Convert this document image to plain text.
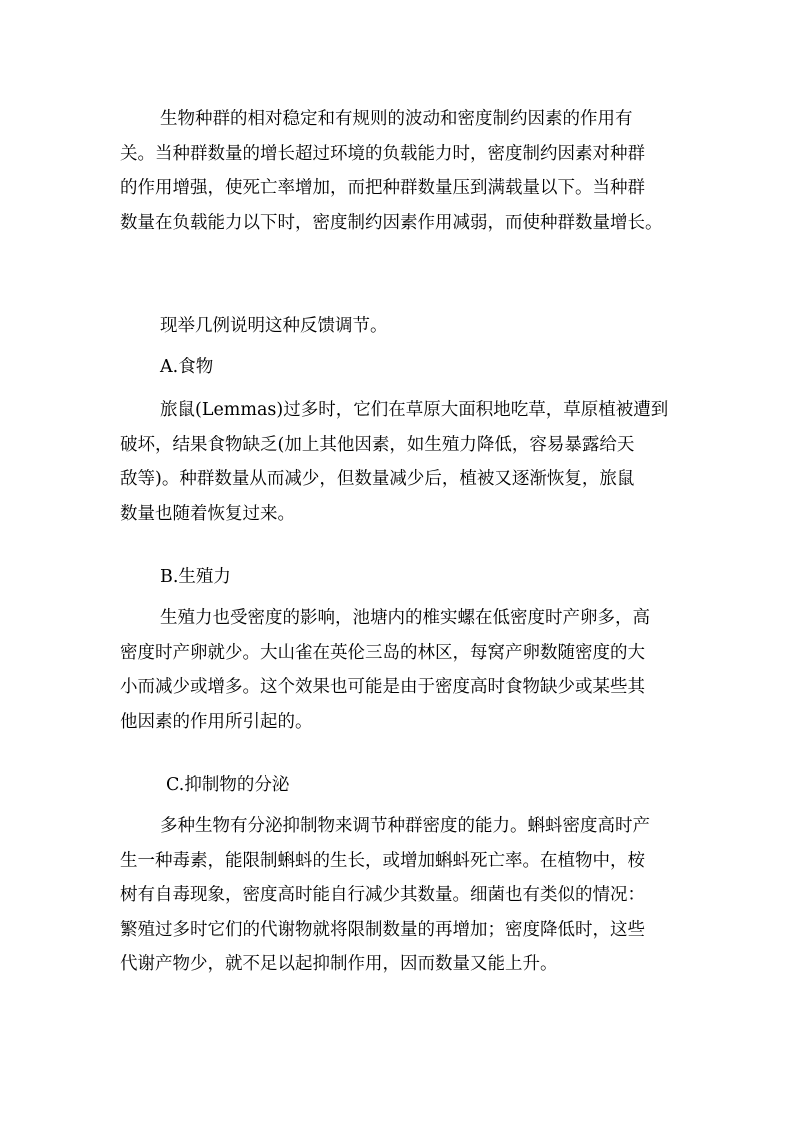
生物种群的相对稳定和有规则的波动和密度制约因素的作用有
关。当种群数量的增长超过环境的负载能力时，密度制约因素对种群
的作用增强，使死亡率增加，而把种群数量压到满载量以下。当种群
数量在负载能力以下时，密度制约因素作用减弱，而使种群数量增长。
现举几例说明这种反馈调节。
A.食物
旅鼠(Lemmas)过多时，它们在草原大面积地吃草，草原植被遭到
破坏，结果食物缺乏(加上其他因素，如生殖力降低，容易暴露给天
敌等)。种群数量从而减少，但数量减少后，植被又逐渐恢复，旅鼠
数量也随着恢复过来。
B.生殖力
生殖力也受密度的影响，池塘内的椎实螺在低密度时产卵多，高
密度时产卵就少。大山雀在英伦三岛的林区，每窝产卵数随密度的大
小而减少或增多。这个效果也可能是由于密度高时食物缺少或某些其
他因素的作用所引起的。
C.抑制物的分泌
多种生物有分泌抑制物来调节种群密度的能力。蝌蚪密度高时产
生一种毒素，能限制蝌蚪的生长，或增加蝌蚪死亡率。在植物中，桉
树有自毒现象，密度高时能自行减少其数量。细菌也有类似的情况：
繁殖过多时它们的代谢物就将限制数量的再增加；密度降低时，这些
代谢产物少，就不足以起抑制作用，因而数量又能上升。
